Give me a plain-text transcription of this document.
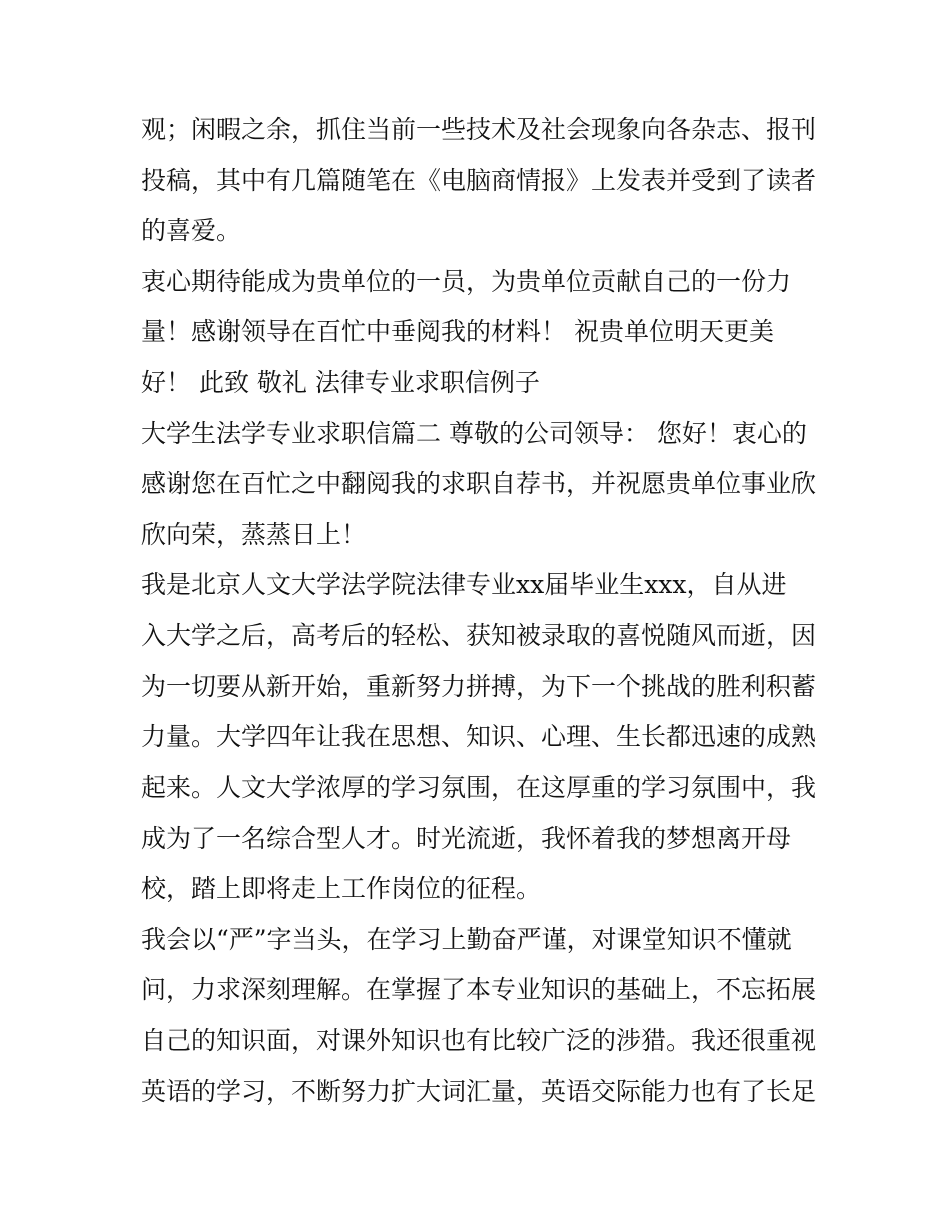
观；闲暇之余，抓住当前一些技术及社会现象向各杂志、报刊
投稿，其中有几篇随笔在《电脑商情报》上发表并受到了读者
的喜爱。
衷心期待能成为贵单位的一员，为贵单位贡献自己的一份力
量！感谢领导在百忙中垂阅我的材料！ 祝贵单位明天更美
好！ 此致 敬礼 法律专业求职信例子
大学生法学专业求职信篇二 尊敬的公司领导： 您好！衷心的
感谢您在百忙之中翻阅我的求职自荐书，并祝愿贵单位事业欣
欣向荣，蒸蒸日上！
我是北京人文大学法学院法律专业xx届毕业生xxx，自从进
入大学之后，高考后的轻松、获知被录取的喜悦随风而逝，因
为一切要从新开始，重新努力拼搏，为下一个挑战的胜利积蓄
力量。大学四年让我在思想、知识、心理、生长都迅速的成熟
起来。人文大学浓厚的学习氛围，在这厚重的学习氛围中，我
成为了一名综合型人才。时光流逝，我怀着我的梦想离开母
校，踏上即将走上工作岗位的征程。
我会以“严”字当头，在学习上勤奋严谨，对课堂知识不懂就
问，力求深刻理解。在掌握了本专业知识的基础上，不忘拓展
自己的知识面，对课外知识也有比较广泛的涉猎。我还很重视
英语的学习，不断努力扩大词汇量，英语交际能力也有了长足
